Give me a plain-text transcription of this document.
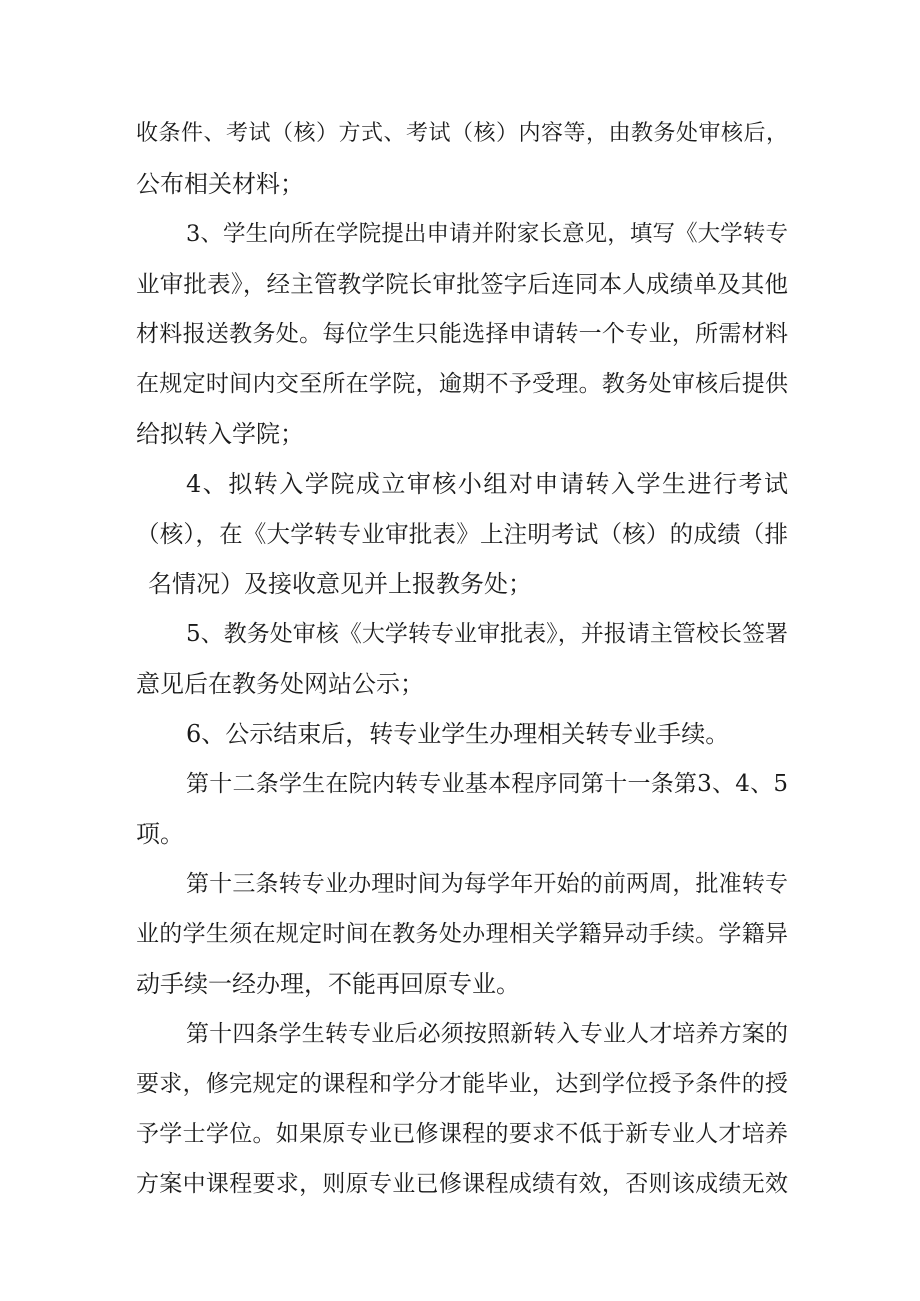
收条件、考试（核）方式、考试（核）内容等，由教务处审核后，
公布相关材料；
3、学生向所在学院提出申请并附家长意见，填写《大学转专
业审批表》，经主管教学院长审批签字后连同本人成绩单及其他
材料报送教务处。每位学生只能选择申请转一个专业，所需材料
在规定时间内交至所在学院，逾期不予受理。教务处审核后提供
给拟转入学院；
4、拟转入学院成立审核小组对申请转入学生进行考试
（核），在《大学转专业审批表》上注明考试（核）的成绩（排
名情况）及接收意见并上报教务处；
5、教务处审核《大学转专业审批表》，并报请主管校长签署
意见后在教务处网站公示；
6、公示结束后，转专业学生办理相关转专业手续。
第十二条学生在院内转专业基本程序同第十一条第3、4、5
项。
第十三条转专业办理时间为每学年开始的前两周，批准转专
业的学生须在规定时间在教务处办理相关学籍异动手续。学籍异
动手续一经办理，不能再回原专业。
第十四条学生转专业后必须按照新转入专业人才培养方案的
要求，修完规定的课程和学分才能毕业，达到学位授予条件的授
予学士学位。如果原专业已修课程的要求不低于新专业人才培养
方案中课程要求，则原专业已修课程成绩有效，否则该成绩无效
